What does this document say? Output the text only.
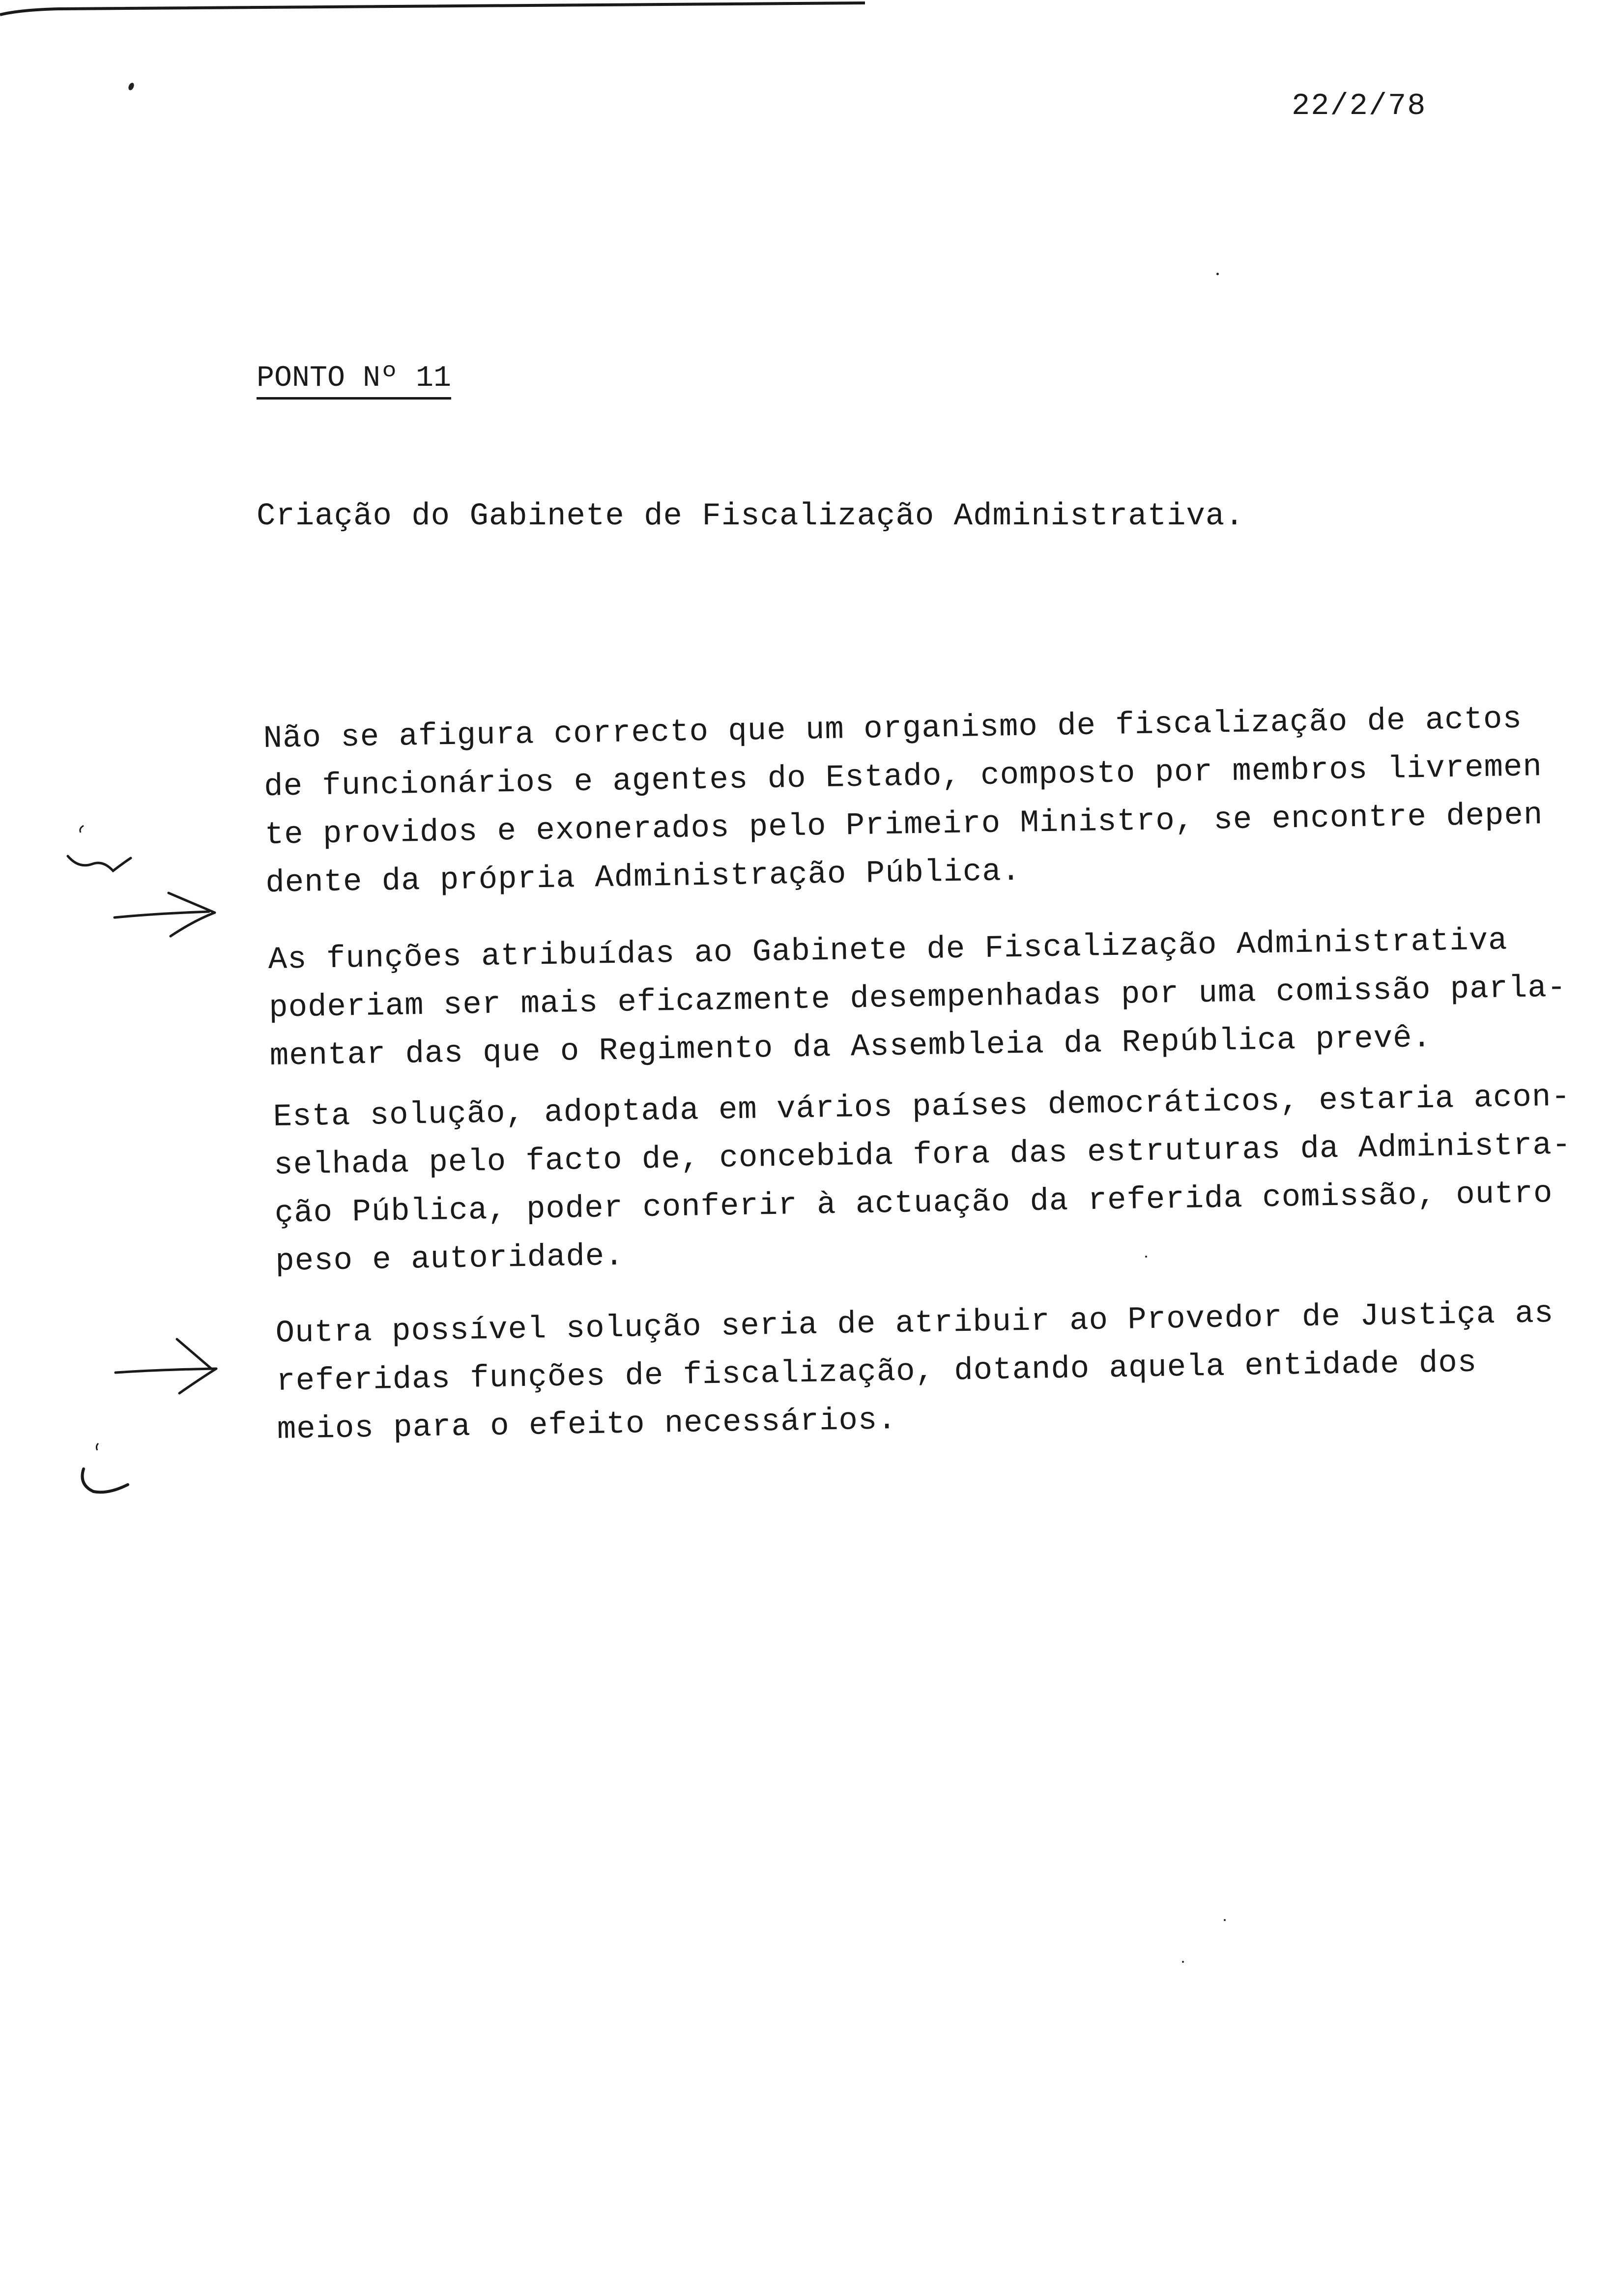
22/2/78
PONTO Nº 11
Criação do Gabinete de Fiscalização Administrativa.
Não se afigura correcto que um organismo de fiscalização de actos
de funcionários e agentes do Estado, composto por membros livremen
te providos e exonerados pelo Primeiro Ministro, se encontre depen
dente da própria Administração Pública.
As funções atribuídas ao Gabinete de Fiscalização Administrativa
poderiam ser mais eficazmente desempenhadas por uma comissão parla-
mentar das que o Regimento da Assembleia da República prevê.
Esta solução, adoptada em vários países democráticos, estaria acon-
selhada pelo facto de, concebida fora das estruturas da Administra-
ção Pública, poder conferir à actuação da referida comissão, outro
peso e autoridade.
Outra possível solução seria de atribuir ao Provedor de Justiça as
referidas funções de fiscalização, dotando aquela entidade dos
meios para o efeito necessários.
